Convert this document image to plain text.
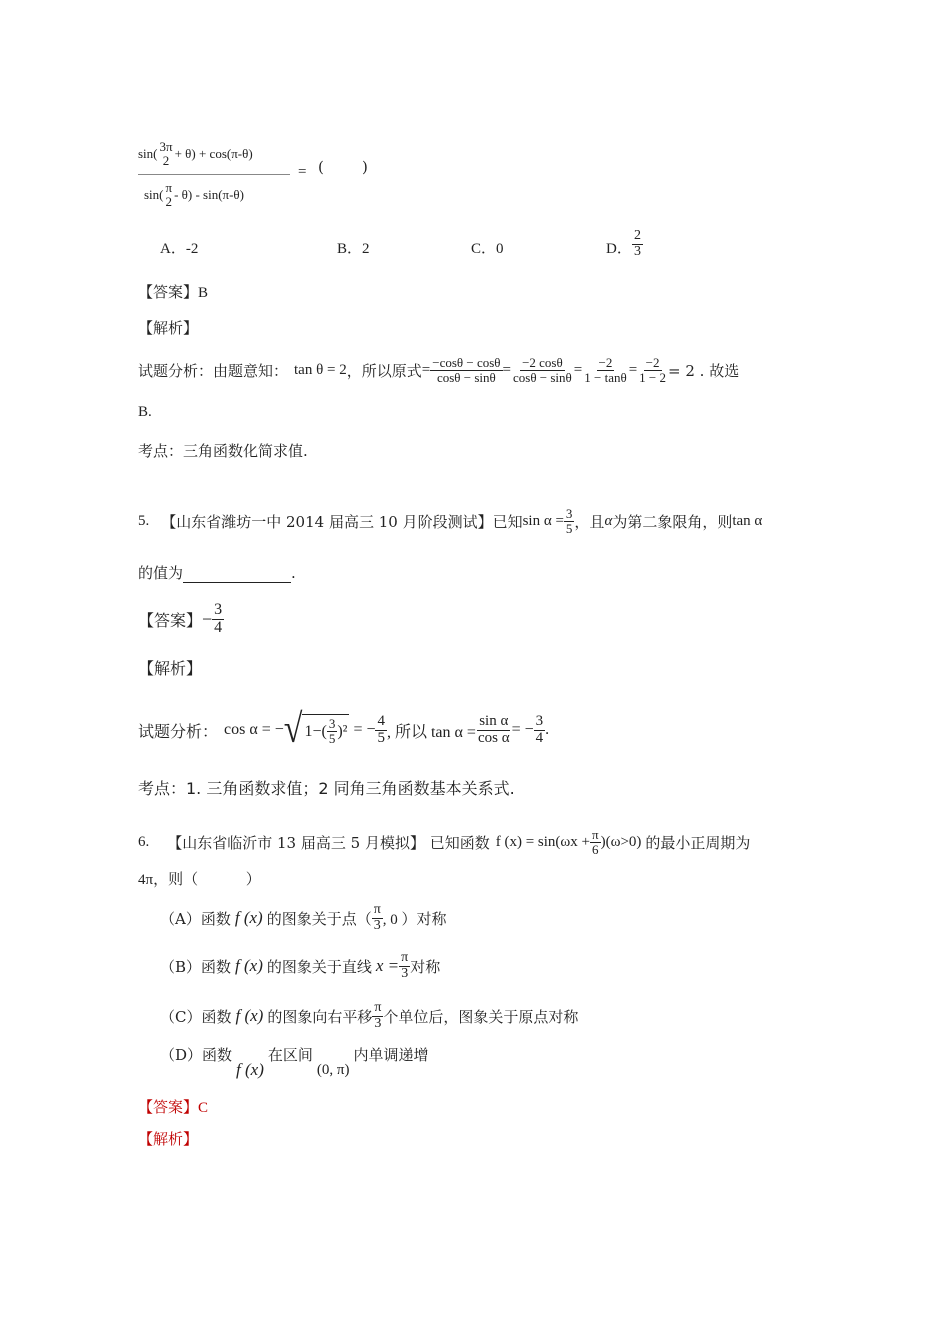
sin( 3π
2 + θ) + cos(π-θ)
sin( π
2 - θ) - sin(π-θ)
= (        )
A．-2	B．2	C．0	D． $\frac{2}{3}$
【答案】B
【解析】
试题分析：由题意知： tan θ = 2 ，所以原式 = $\frac{-\cos\theta - \cos\theta}{\cos\theta - \sin\theta} = \frac{-2 \cos\theta}{\cos\theta - \sin\theta} = \frac{-2}{1 - \tan\theta} = \frac{-2}{1 - 2} = 2$ . 故选
B.
考点：三角函数化简求值.
5. 【山东省潍坊一中 2014 届高三 10 月阶段测试】已知 $\sin \alpha = \frac{3}{5}$ ，且 α 为第二象限角，则 tan α
的值为	.
【答案】 − $\frac{3}{4}$
【解析】
试题分析： cos α = − √ $1-( \frac{3}{5} )^2$ = − $\frac{4}{5}$ , 所以 $\tan \alpha = \frac{\text{sin α}}{\text{cos α}}$ = − $\frac{3}{4}$ .
考点：1. 三角函数求值；2 同角三角函数基本关系式.
6. 【山东省临沂市 13 届高三 5 月模拟】 已知函数 f $(x) = \sin(\omega x + \frac{\pi}{6} )(\omega>0)$ 的最小正周期为
4π，则（          ）
（A）函数 f (x) 的图象关于点（ $\frac{\pi}{3}$ , 0 ）对称
（B）函数 f (x) 的图象关于直线 $x = \frac{\pi}{3}$ 对称
（C）函数 f (x) 的图象向右平移 $\frac{\pi}{3}$ 个单位后，图象关于原点对称
（D）函数
f (x)
在区间
(0, π)
内单调递增
【答案】C
【解析】
